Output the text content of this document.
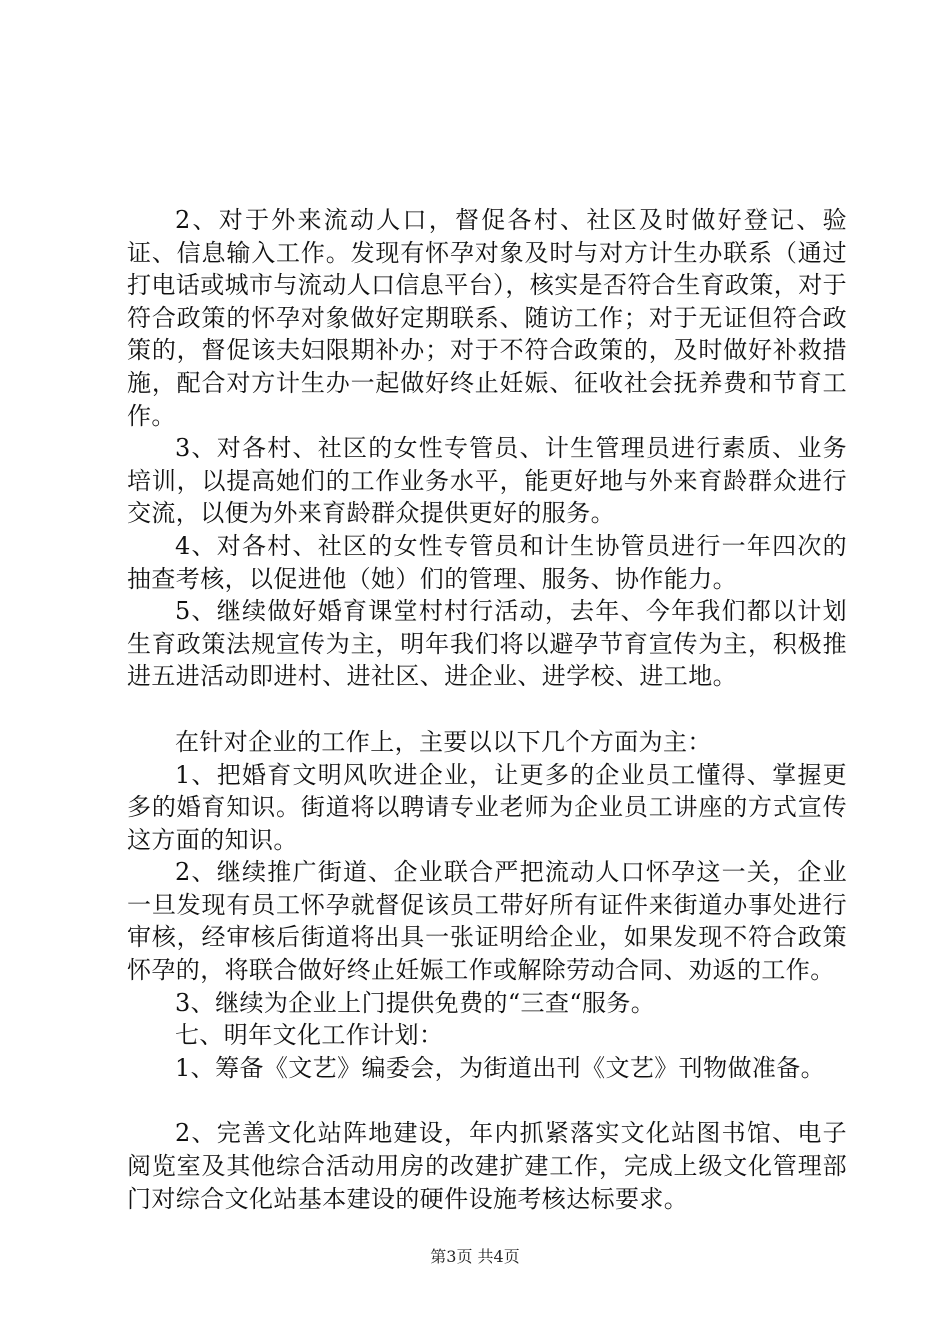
2、对于外来流动人口，督促各村、社区及时做好登记、验证、信息输入工作。发现有怀孕对象及时与对方计生办联系（通过打电话或城市与流动人口信息平台），核实是否符合生育政策，对于符合政策的怀孕对象做好定期联系、随访工作；对于无证但符合政策的，督促该夫妇限期补办；对于不符合政策的，及时做好补救措施，配合对方计生办一起做好终止妊娠、征收社会抚养费和节育工作。

3、对各村、社区的女性专管员、计生管理员进行素质、业务培训，以提高她们的工作业务水平，能更好地与外来育龄群众进行交流，以便为外来育龄群众提供更好的服务。

4、对各村、社区的女性专管员和计生协管员进行一年四次的抽查考核，以促进他（她）们的管理、服务、协作能力。

5、继续做好婚育课堂村村行活动，去年、今年我们都以计划生育政策法规宣传为主，明年我们将以避孕节育宣传为主，积极推进五进活动即进村、进社区、进企业、进学校、进工地。

在针对企业的工作上，主要以以下几个方面为主：

1、把婚育文明风吹进企业，让更多的企业员工懂得、掌握更多的婚育知识。街道将以聘请专业老师为企业员工讲座的方式宣传这方面的知识。

2、继续推广街道、企业联合严把流动人口怀孕这一关，企业一旦发现有员工怀孕就督促该员工带好所有证件来街道办事处进行审核，经审核后街道将出具一张证明给企业，如果发现不符合政策怀孕的，将联合做好终止妊娠工作或解除劳动合同、劝返的工作。

3、继续为企业上门提供免费的“三查“服务。

七、明年文化工作计划：

1、筹备《文艺》编委会，为街道出刊《文艺》刊物做准备。

2、完善文化站阵地建设，年内抓紧落实文化站图书馆、电子阅览室及其他综合活动用房的改建扩建工作，完成上级文化管理部门对综合文化站基本建设的硬件设施考核达标要求。

第3页 共4页
